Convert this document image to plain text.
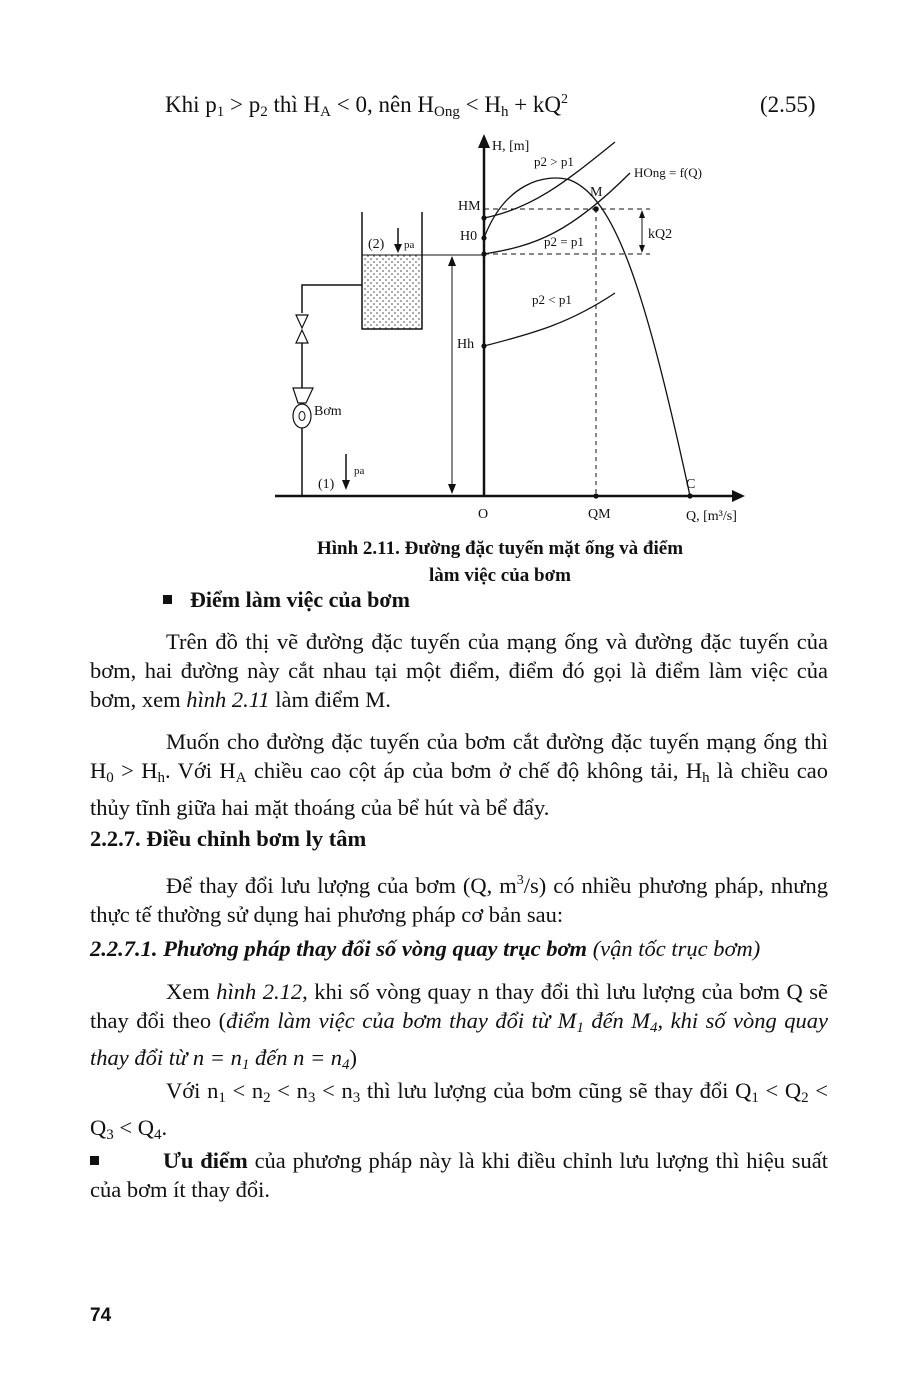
Khi $p_1 > p_2$ thì $H_A < 0$, nên $H_{Ong} < H_h + kQ^2$	(2.55)
H, [m]
O	Q, [m³/s]
(2) pa
Bơm
(1)
pa
Hh
HM
H0	kQ2
M
p2 > p1
p2 = p1
p2 < p1
HOng = f(Q)
QM
C
Hình 2.11. Đường đặc tuyến mặt ống và điểm
làm việc của bơm
Điểm làm việc của bơm
Trên đồ thị vẽ đường đặc tuyến của mạng ống và đường đặc tuyến của bơm, hai đường này cắt nhau tại một điểm, điểm đó gọi là điểm làm việc của bơm, xem hình 2.11 làm điểm M.
Muốn cho đường đặc tuyến của bơm cắt đường đặc tuyến mạng ống thì $H_0 > H_h$. Với $H_A$ chiều cao cột áp của bơm ở chế độ không tải, $H_h$ là chiều cao thủy tĩnh giữa hai mặt thoáng của bể hút và bể đẩy.
2.2.7. Điều chỉnh bơm ly tâm
Để thay đổi lưu lượng của bơm (Q, $m^3/s$) có nhiều phương pháp, nhưng thực tế thường sử dụng hai phương pháp cơ bản sau:
2.2.7.1. Phương pháp thay đổi số vòng quay trục bơm (vận tốc trục bơm)
Xem hình 2.12, khi số vòng quay n thay đổi thì lưu lượng của bơm Q sẽ thay đổi theo (điểm làm việc của bơm thay đổi từ $M_1$ đến $M_4$, khi số vòng quay thay đổi từ $n = n_1$ đến $n = n_4$)
Với $n_1 < n_2 < n_3 < n_3$ thì lưu lượng của bơm cũng sẽ thay đổi $Q_1 < Q_2 < Q_3 < Q_4$.
Ưu điểm của phương pháp này là khi điều chỉnh lưu lượng thì hiệu suất của bơm ít thay đổi.
74
